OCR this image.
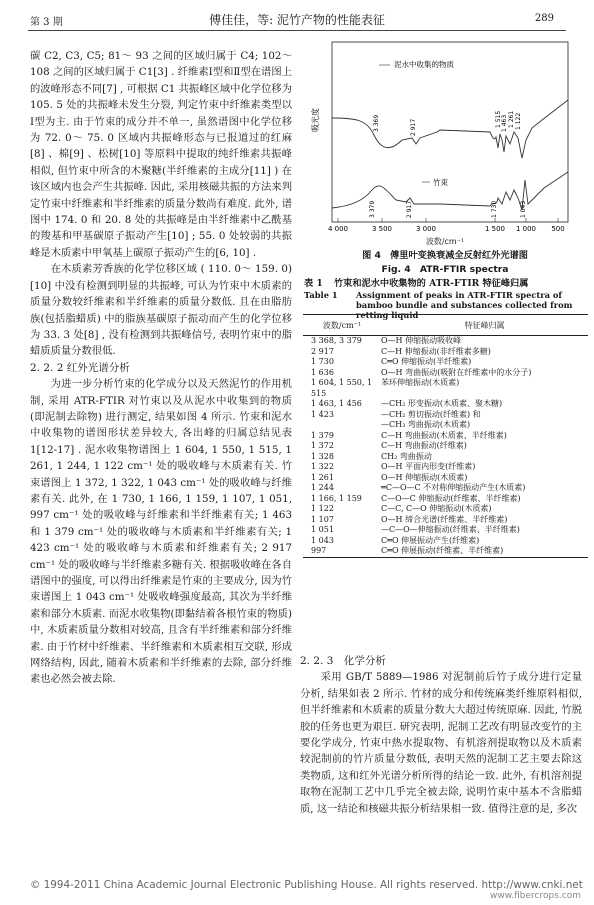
第 3 期	傅佳佳，等: 泥竹产物的性能表征	289

碳 C2, C3, C5; 81～ 93 之间的区域归属于 C4; 102～108 之间的区域归属于 C1[3] . 纤维素Ⅰ型和Ⅱ型在谱图上的波峰形态不同[7] , 可根据 C1 共振峰区域中化学位移为 105. 5 处的共振峰未发生分裂, 判定竹束中纤维素类型以Ⅰ型为主. 由于竹束的成分并不单一, 虽然谱图中化学位移为 72. 0～ 75. 0 区域内共振峰形态与已报道过的红麻[8] 、棉[9] 、松树[10] 等原料中提取的纯纤维素共振峰相似, 但竹束中所含的木聚糖(半纤维素的主成分[11] ) 在该区域内也会产生共振峰. 因此, 采用核磁共振的方法来判定竹束中纤维素和半纤维素的质量分数尚有难度. 此外, 谱图中 174. 0 和 20. 8 处的共振峰是由半纤维素中乙酰基的羧基和甲基碳原子振动产生[10] ; 55. 0 处较弱的共振峰是木质素中甲氧基上碳原子振动产生的[6, 10] .

在木质素芳香族的化学位移区域 ( 110. 0～ 159. 0)[10] 中没有检测到明显的共振峰, 可认为竹束中木质素的质量分数较纤维素和半纤维素的质量分数低. 且在由脂肪族(包括脂蜡质) 中的脂族基碳原子振动而产生的化学位移为 33. 3 处[8] , 没有检测到共振峰信号, 表明竹束中的脂蜡质质量分数很低.

2. 2. 2 红外光谱分析

为进一步分析竹束的化学成分以及天然泥竹的作用机制, 采用 ATR-FTIR 对竹束以及从泥水中收集到的物质(即泥制去除物) 进行测定, 结果如图 4 所示. 竹束和泥水中收集物的谱图形状差异较大, 各出峰的归属总结见表 1[12-17] . 泥水收集物谱图上 1 604, 1 550, 1 515, 1 261, 1 244, 1 122 cm⁻¹ 处的吸收峰与木质素有关. 竹束谱图上 1 372, 1 322, 1 043 cm⁻¹ 处的吸收峰与纤维素有关. 此外, 在 1 730, 1 166, 1 159, 1 107, 1 051, 997 cm⁻¹ 处的吸收峰与纤维素和半纤维素有关; 1 463 和 1 379 cm⁻¹ 处的吸收峰与木质素和半纤维素有关; 1 423 cm⁻¹ 处的吸收峰与木质素和纤维素有关; 2 917 cm⁻¹ 处的吸收峰与半纤维素多糖有关. 根据吸收峰在各自谱图中的强度, 可以得出纤维素是竹束的主要成分, 因为竹束谱图上 1 043 cm⁻¹ 处吸收峰强度最高, 其次为半纤维素和部分木质素. 而泥水收集物(即黏结着各根竹束的物质) 中, 木质素质量分数相对较高, 且含有半纤维素和部分纤维素. 由于竹材中纤维素、半纤维素和木质素相互交联, 形成网络结构, 因此, 随着木质素和半纤维素的去除, 部分纤维素也必然会被去除.

吸光度
泥水中收集的物质
竹束
3 369	2 917	1 515 1 463 1 261 1 122
3 379	2 917	1 730	1 043
4 000	3 500	3 000	1 500 1 000 500
波数/cm⁻¹
图 4　傅里叶变换衰减全反射红外光谱图
Fig. 4　ATR-FTIR spectra
表 1	竹束和泥水中收集物的 ATR-FTIR 特征峰归属
Table 1	Assignment of peaks in ATR-FTIR spectra of bamboo bundle and substances collected from retting liquid
波数/cm⁻¹	特征峰归属
3 368, 3 379	O—H 伸缩振动吸收峰
2 917	C—H 伸缩振动(非纤维素多糖)
1 730	C═O 伸缩振动(半纤维素)
1 636	O—H 弯曲振动(吸附在纤维素中的水分子)
1 604, 1 550, 1 515	苯环伸缩振动(木质素)
1 463, 1 456	—CH₂ 形变振动(木质素、聚木糖)
1 423	—CH₂ 剪切振动(纤维素) 和
	—CH₃ 弯曲振动(木质素)
1 379	C—H 弯曲振动(木质素、半纤维素)
1 372	C—H 弯曲振动(纤维素)
1 328	CH₂ 弯曲振动
1 322	O—H 平面内形变(纤维素)
1 261	O—H 伸缩振动(木质素)
1 244	═C—O—C 不对称伸缩振动产生(木质素)
1 166, 1 159	C—O—C 伸缩振动(纤维素、半纤维素)
1 122	C—C, C—O 伸缩振动(木质素)
1 107	O—H 缔合光谱(纤维素、半纤维素)
1 051	—C—O—伸缩振动(纤维素、半纤维素)
1 043	C═O 伸展振动产生(纤维素)
997	C═O 伸展振动(纤维素、半纤维素)

2. 2. 3　化学分析

采用 GB/T 5889—1986 对泥制前后竹子成分进行定量分析, 结果如表 2 所示. 竹材的成分和传统麻类纤维原料相似, 但半纤维素和木质素的质量分数大大超过传统原麻. 因此, 竹脱胶的任务也更为艰巨. 研究表明, 泥制工艺改有明显改变竹的主要化学成分, 竹束中热水提取物、有机溶剂提取物以及木质素较泥制前的竹片质量分数低, 表明天然的泥制工艺主要去除这类物质, 这和红外光谱分析所得的结论一致. 此外, 有机溶剂提取物在泥制工艺中几乎完全被去除, 说明竹束中基本不含脂蜡质, 这一结论和核磁共振分析结果相一致. 值得注意的是, 多次

© 1994-2011 China Academic Journal Electronic Publishing House. All rights reserved. http://www.cnki.net
www.fibercrops.com
